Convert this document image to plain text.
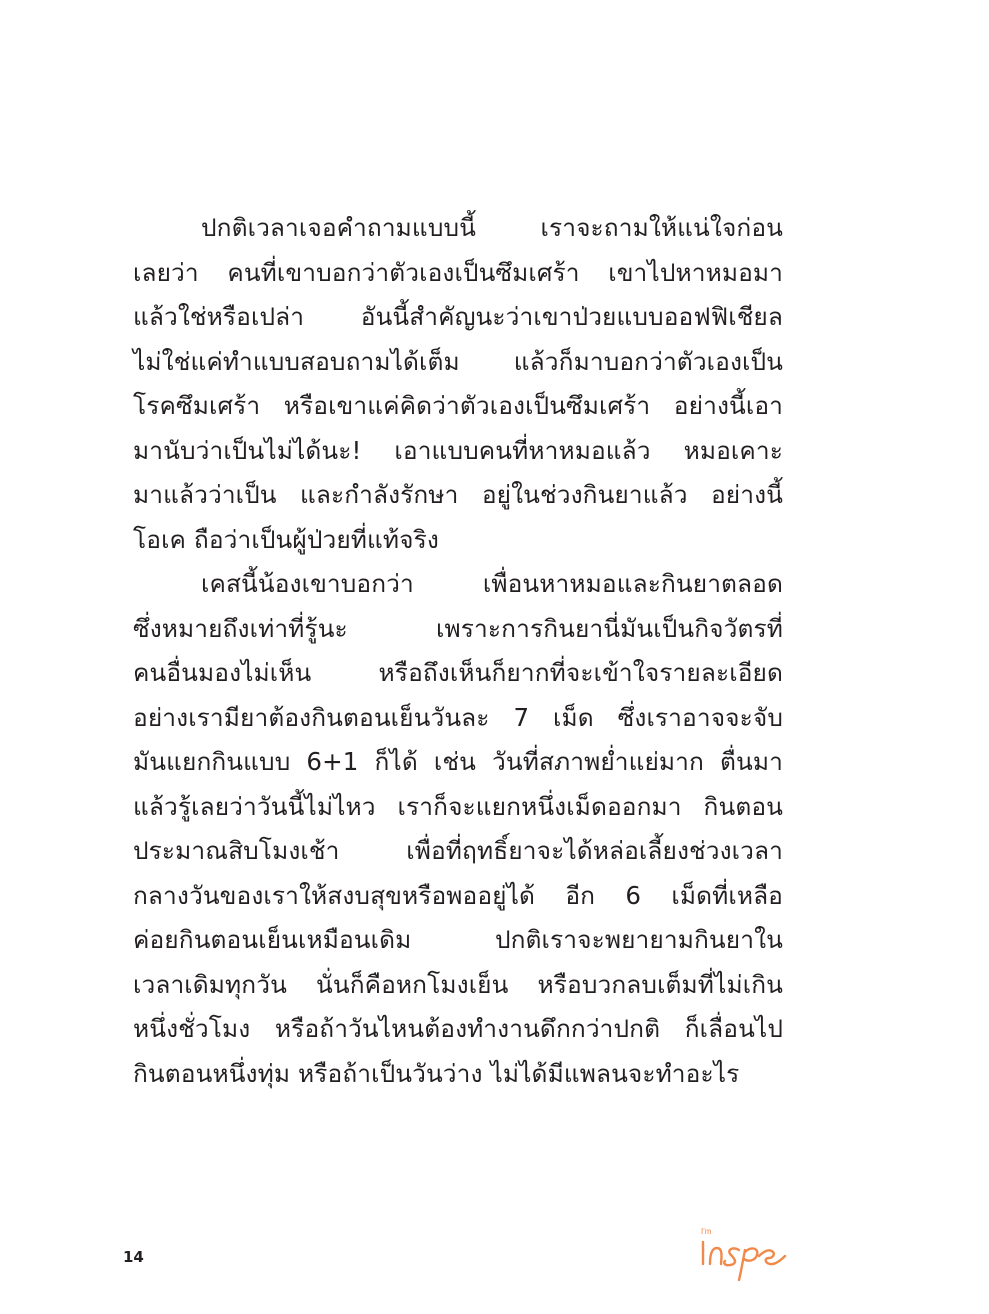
ปกติเวลาเจอคำถามแบบนี้ เราจะถามให้แน่ใจก่อน
เลยว่า คนที่เขาบอกว่าตัวเองเป็นซึมเศร้า เขาไปหาหมอมา
แล้วใช่หรือเปล่า อันนี้สำคัญนะว่าเขาป่วยแบบออฟฟิเชียล
ไม่ใช่แค่ทำแบบสอบถามได้เต็ม แล้วก็มาบอกว่าตัวเองเป็น
โรคซึมเศร้า หรือเขาแค่คิดว่าตัวเองเป็นซึมเศร้า อย่างนี้เอา
มานับว่าเป็นไม่ได้นะ! เอาแบบคนที่หาหมอแล้ว หมอเคาะ
มาแล้วว่าเป็น และกำลังรักษา อยู่ในช่วงกินยาแล้ว อย่างนี้
โอเค ถือว่าเป็นผู้ป่วยที่แท้จริง
เคสนี้น้องเขาบอกว่า เพื่อนหาหมอและกินยาตลอด
ซึ่งหมายถึงเท่าที่รู้นะ เพราะการกินยานี่มันเป็นกิจวัตรที่
คนอื่นมองไม่เห็น หรือถึงเห็นก็ยากที่จะเข้าใจรายละเอียด
อย่างเรามียาต้องกินตอนเย็นวันละ 7 เม็ด ซึ่งเราอาจจะจับ
มันแยกกินแบบ 6+1 ก็ได้ เช่น วันที่สภาพย่ำแย่มาก ตื่นมา
แล้วรู้เลยว่าวันนี้ไม่ไหว เราก็จะแยกหนึ่งเม็ดออกมา กินตอน
ประมาณสิบโมงเช้า เพื่อที่ฤทธิ์ยาจะได้หล่อเลี้ยงช่วงเวลา
กลางวันของเราให้สงบสุขหรือพออยู่ได้ อีก 6 เม็ดที่เหลือ
ค่อยกินตอนเย็นเหมือนเดิม ปกติเราจะพยายามกินยาใน
เวลาเดิมทุกวัน นั่นก็คือหกโมงเย็น หรือบวกลบเต็มที่ไม่เกิน
หนึ่งชั่วโมง หรือถ้าวันไหนต้องทำงานดึกกว่าปกติ ก็เลื่อนไป
กินตอนหนึ่งทุ่ม หรือถ้าเป็นวันว่าง ไม่ได้มีแพลนจะทำอะไร
14
I'm
